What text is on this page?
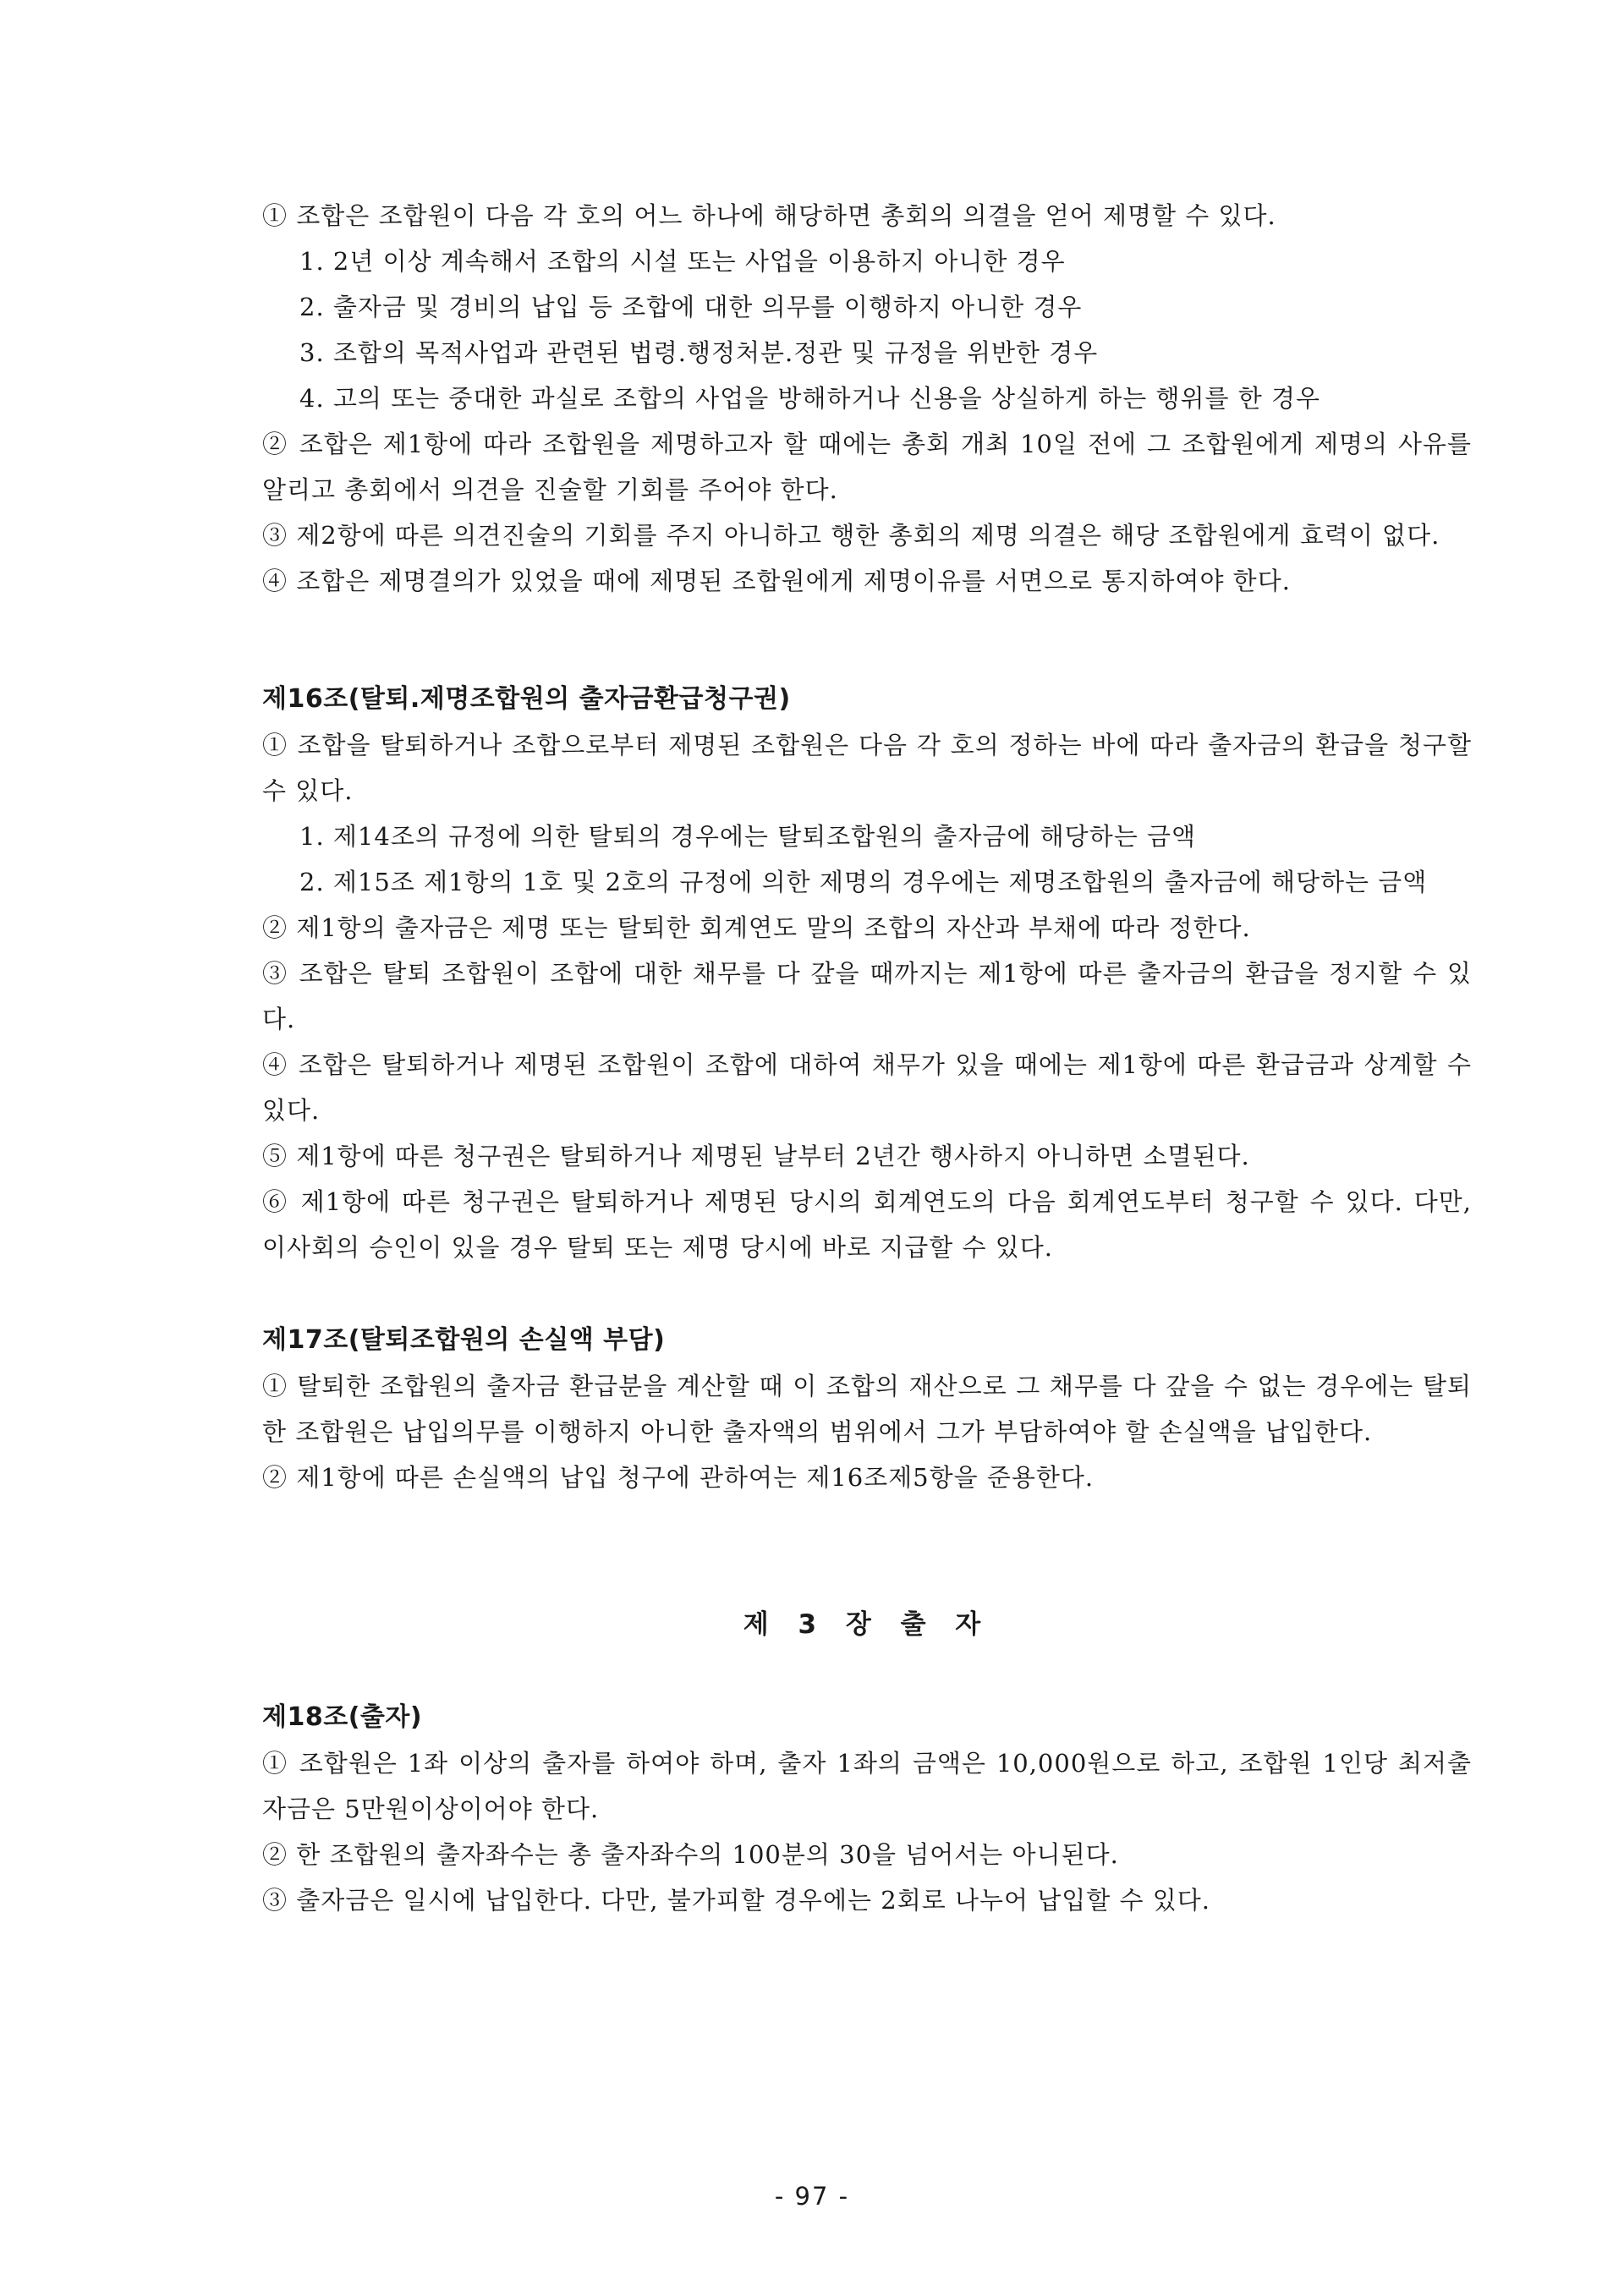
① 조합은 조합원이 다음 각 호의 어느 하나에 해당하면 총회의 의결을 얻어 제명할 수 있다.

1. 2년 이상 계속해서 조합의 시설 또는 사업을 이용하지 아니한 경우

2. 출자금 및 경비의 납입 등 조합에 대한 의무를 이행하지 아니한 경우

3. 조합의 목적사업과 관련된 법령.행정처분.정관 및 규정을 위반한 경우

4. 고의 또는 중대한 과실로 조합의 사업을 방해하거나 신용을 상실하게 하는 행위를 한 경우

② 조합은 제1항에 따라 조합원을 제명하고자 할 때에는 총회 개최 10일 전에 그 조합원에게 제명의 사유를 알리고 총회에서 의견을 진술할 기회를 주어야 한다.

③ 제2항에 따른 의견진술의 기회를 주지 아니하고 행한 총회의 제명 의결은 해당 조합원에게 효력이 없다.

④ 조합은 제명결의가 있었을 때에 제명된 조합원에게 제명이유를 서면으로 통지하여야 한다.

제16조(탈퇴.제명조합원의 출자금환급청구권)

① 조합을 탈퇴하거나 조합으로부터 제명된 조합원은 다음 각 호의 정하는 바에 따라 출자금의 환급을 청구할 수 있다.

1. 제14조의 규정에 의한 탈퇴의 경우에는 탈퇴조합원의 출자금에 해당하는 금액

2. 제15조 제1항의 1호 및 2호의 규정에 의한 제명의 경우에는 제명조합원의 출자금에 해당하는 금액

② 제1항의 출자금은 제명 또는 탈퇴한 회계연도 말의 조합의 자산과 부채에 따라 정한다.

③ 조합은 탈퇴 조합원이 조합에 대한 채무를 다 갚을 때까지는 제1항에 따른 출자금의 환급을 정지할 수 있다.

④ 조합은 탈퇴하거나 제명된 조합원이 조합에 대하여 채무가 있을 때에는 제1항에 따른 환급금과 상계할 수 있다.

⑤ 제1항에 따른 청구권은 탈퇴하거나 제명된 날부터 2년간 행사하지 아니하면 소멸된다.

⑥ 제1항에 따른 청구권은 탈퇴하거나 제명된 당시의 회계연도의 다음 회계연도부터 청구할 수 있다. 다만, 이사회의 승인이 있을 경우 탈퇴 또는 제명 당시에 바로 지급할 수 있다.

제17조(탈퇴조합원의 손실액 부담)

① 탈퇴한 조합원의 출자금 환급분을 계산할 때 이 조합의 재산으로 그 채무를 다 갚을 수 없는 경우에는 탈퇴한 조합원은 납입의무를 이행하지 아니한 출자액의 범위에서 그가 부담하여야 할 손실액을 납입한다.

② 제1항에 따른 손실액의 납입 청구에 관하여는 제16조제5항을 준용한다.

제 3 장 출 자
제18조(출자)

① 조합원은 1좌 이상의 출자를 하여야 하며, 출자 1좌의 금액은 10,000원으로 하고, 조합원 1인당 최저출자금은 5만원이상이어야 한다.

② 한 조합원의 출자좌수는 총 출자좌수의 100분의 30을 넘어서는 아니된다.

③ 출자금은 일시에 납입한다. 다만, 불가피할 경우에는 2회로 나누어 납입할 수 있다.

- 97 -
